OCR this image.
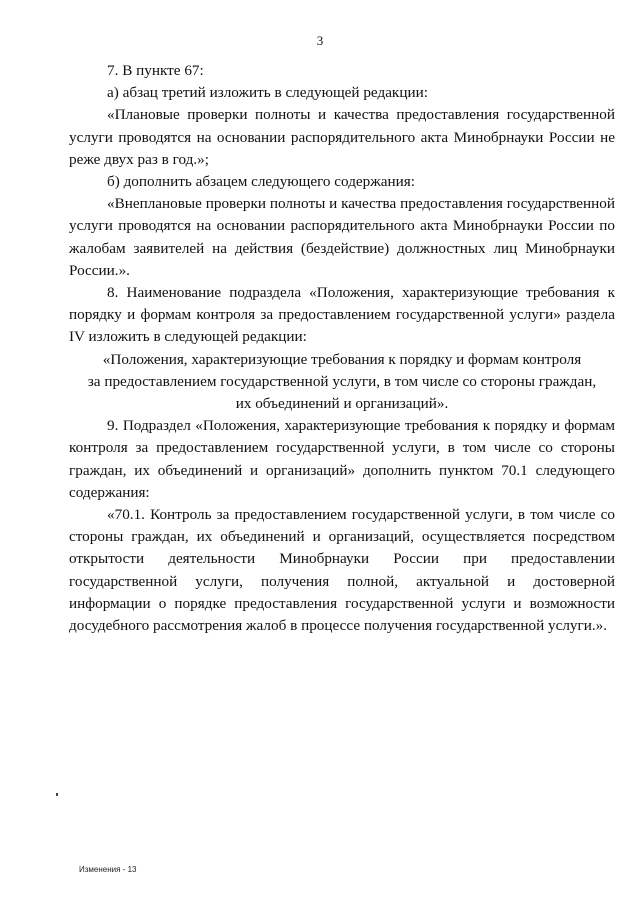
3

7. В пункте 67:

а) абзац третий изложить в следующей редакции:

«Плановые проверки полноты и качества предоставления государственной услуги проводятся на основании распорядительного акта Минобрнауки России не реже двух раз в год.»;

б) дополнить абзацем следующего содержания:

«Внеплановые проверки полноты и качества предоставления государственной услуги проводятся на основании распорядительного акта Минобрнауки России по жалобам заявителей на действия (бездействие) должностных лиц Минобрнауки России.».

8. Наименование подраздела «Положения, характеризующие требования к порядку и формам контроля за предоставлением государственной услуги» раздела IV изложить в следующей редакции:

«Положения, характеризующие требования к порядку и формам контроля

за предоставлением государственной услуги, в том числе со стороны граждан,

их объединений и организаций».

9. Подраздел «Положения, характеризующие требования к порядку и формам контроля за предоставлением государственной услуги, в том числе со стороны граждан, их объединений и организаций» дополнить пунктом 70.1 следующего содержания:

«70.1. Контроль за предоставлением государственной услуги, в том числе со стороны граждан, их объединений и организаций, осуществляется посредством открытости деятельности Минобрнауки России при предоставлении государственной услуги, получения полной, актуальной и достоверной информации о порядке предоставления государственной услуги и возможности досудебного рассмотрения жалоб в процессе получения государственной услуги.».

Изменения - 13
